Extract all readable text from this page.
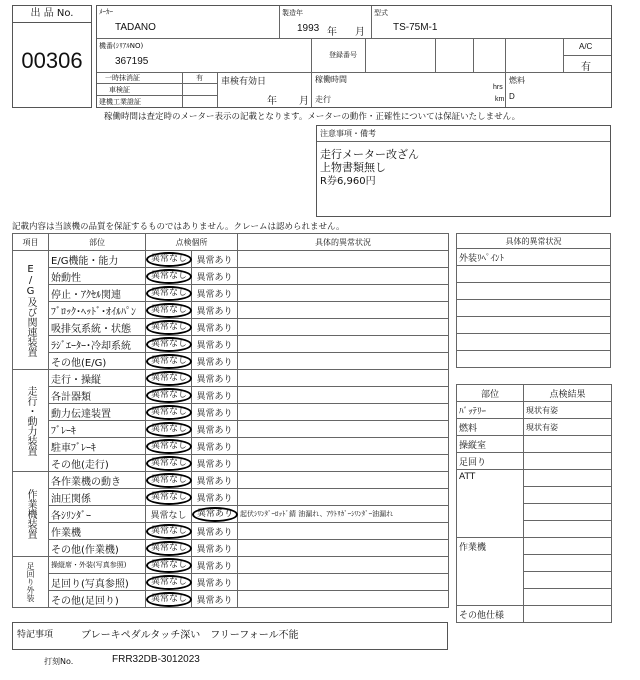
出 品 No.
00306
ﾒｰｶｰ
TADANO
製造年
1993 年 月
型式
TS-75M-1
機番(ｼﾘｱﾙNO)
367195
登録番号
A/C
有
一時抹消証	有
車検証
建機工業證証
車検有効日
年 月
稼働時間
hrs
走行	km
燃料
D
稼働時間は査定時のメーター表示の記載となります。メーターの動作・正確性については保証いたしません。
注意事項・備考
走行メーター改ざん
上物書類無し
R券6,960円
記載内容は当該機の品質を保証するものではありません。クレームは認められません。
項目	部位	点検個所		具体的異常状況

E/G及び関連装置	E/G機能・能力	異常なし	異常あり	
	始動性	異常なし	異常あり	
	停止・ｱｸｾﾙ関連	異常なし	異常あり	
	ﾌﾞﾛｯｸ･ﾍｯﾄﾞ･ｵｲﾙﾊﾟﾝ	異常なし	異常あり	
	吸排気系統・状態	異常なし	異常あり	
	ﾗｼﾞｴｰﾀｰ･冷却系統	異常なし	異常あり	
	その他(E/G)	異常なし	異常あり	

走行・動力装置	走行・操縦	異常なし	異常あり	
	各計器類	異常なし	異常あり	
	動力伝達装置	異常なし	異常あり	
	ﾌﾞﾚｰｷ	異常なし	異常あり	
	駐車ﾌﾞﾚｰｷ	異常なし	異常あり	
	その他(走行)	異常なし	異常あり	

作業機装置	各作業機の動き	異常なし	異常あり	
	油圧関係	異常なし	異常あり	
	各ｼﾘﾝﾀﾞｰ	異常なし	異常あり	起伏ｼﾘﾝﾀﾞｰﾛｯﾄﾞ錆 油漏れ、ｱｳﾄﾘｶﾞｰｼﾘﾝﾀﾞｰ油漏れ
	作業機	異常なし	異常あり	
	その他(作業機)	異常なし	異常あり	

足回り外装	操縦席・外装(写真参照)	異常なし	異常あり	
	足回り(写真参照)	異常なし	異常あり	
	その他(足回り)	異常なし	異常あり	
具体的異常状況
外装ﾘﾍﾟｲﾝﾄ

部位	点検結果
ﾊﾞｯﾃﾘｰ	現状有姿
燃料	現状有姿
操縦室	
足回り	
ATT	

作業機	

その他仕様	
特記事項	ブレーキペダルタッチ深い　フリーフォール不能
打刻No.	FRR32DB-3012023
